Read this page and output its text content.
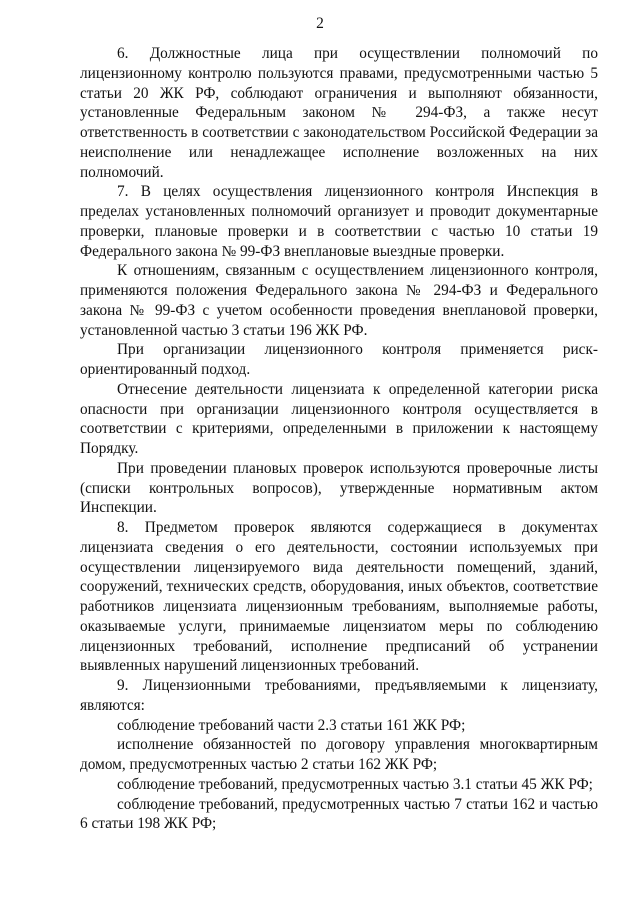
2

6. Должностные лица при осуществлении полномочий по лицензионному контролю пользуются правами, предусмотренными частью 5 статьи 20 ЖК РФ, соблюдают ограничения и выполняют обязанности, установленные Федеральным законом № 294-ФЗ, а также несут ответственность в соответствии с законодательством Российской Федерации за неисполнение или ненадлежащее исполнение возложенных на них полномочий.

7. В целях осуществления лицензионного контроля Инспекция в пределах установленных полномочий организует и проводит документарные проверки, плановые проверки и в соответствии с частью 10 статьи 19 Федерального закона № 99-ФЗ внеплановые выездные проверки.

К отношениям, связанным с осуществлением лицензионного контроля, применяются положения Федерального закона № 294-ФЗ и Федерального закона № 99-ФЗ с учетом особенности проведения внеплановой проверки, установленной частью 3 статьи 196 ЖК РФ.

При организации лицензионного контроля применяется риск-ориентированный подход.

Отнесение деятельности лицензиата к определенной категории риска опасности при организации лицензионного контроля осуществляется в соответствии с критериями, определенными в приложении к настоящему Порядку.

При проведении плановых проверок используются проверочные листы (списки контрольных вопросов), утвержденные нормативным актом Инспекции.

8. Предметом проверок являются содержащиеся в документах лицензиата сведения о его деятельности, состоянии используемых при осуществлении лицензируемого вида деятельности помещений, зданий, сооружений, технических средств, оборудования, иных объектов, соответствие работников лицензиата лицензионным требованиям, выполняемые работы, оказываемые услуги, принимаемые лицензиатом меры по соблюдению лицензионных требований, исполнение предписаний об устранении выявленных нарушений лицензионных требований.

9. Лицензионными требованиями, предъявляемыми к лицензиату, являются:

соблюдение требований части 2.3 статьи 161 ЖК РФ;

исполнение обязанностей по договору управления многоквартирным домом, предусмотренных частью 2 статьи 162 ЖК РФ;

соблюдение требований, предусмотренных частью 3.1 статьи 45 ЖК РФ;

соблюдение требований, предусмотренных частью 7 статьи 162 и частью 6 статьи 198 ЖК РФ;
